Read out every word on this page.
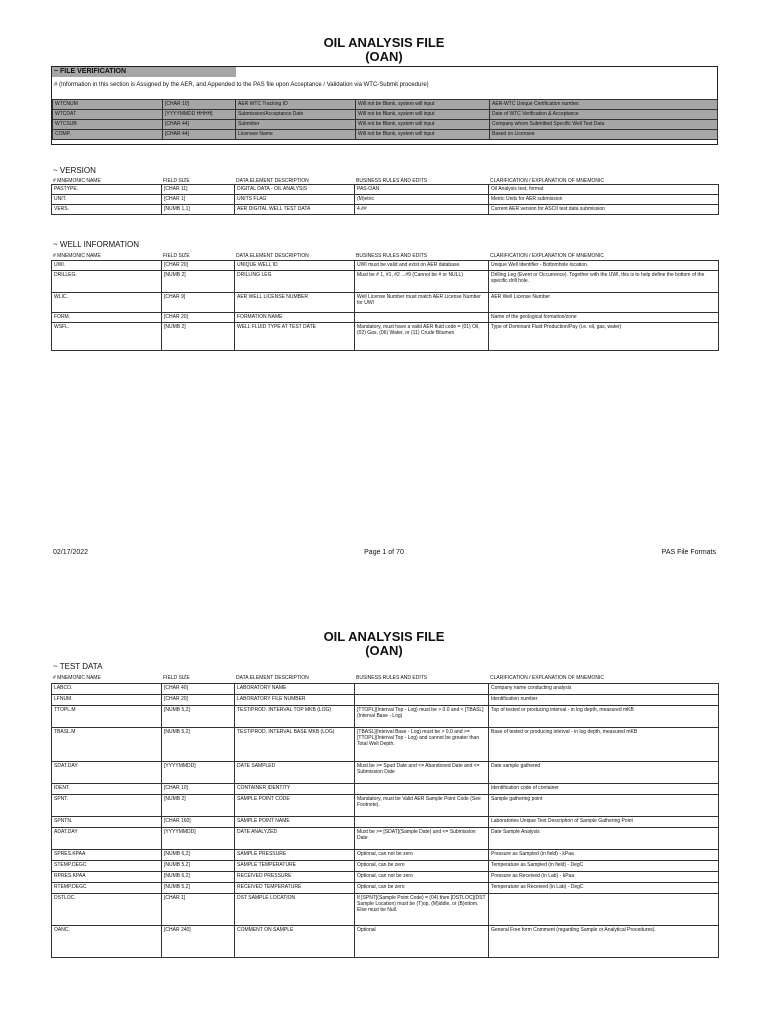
OIL ANALYSIS FILE
(OAN)
~ FILE VERIFICATION
# (Information in this section is Assigned by the AER, and Appended to the PAS file upon Acceptance / Validation via WTC-Submit procedure)
WTCNUM	[CHAR 10]	AER WTC Tracking ID	Will not be Blank, system will input	AER-WTC Unique Certification number.
WTCDAT	[YYYYMMDD HHHH]	Submission/Acceptance Date	Will not be Blank, system will input	Date of WTC Verification & Acceptance
WTCSUB	[CHAR 44]	Submitter	Will not be Blank, system will input	Company whom Submitted Specific Well Test Data
COMP.	[CHAR 44]	Licensee Name	Will not be Blank, system will input	Based on Licensee
~ VERSION
# MNEMONIC NAME	FIELD SIZE	DATA ELEMENT DESCRIPTION	BUSINESS RULES AND EDITS	CLARIFICATION / EXPLANATION OF MNEMONIC
PASTYPE.	[CHAR 11]	DIGITAL DATA - OIL ANALYSIS	PAS-OAN	Oil Analysis test, format
UNIT.	[CHAR 1]	UNITS FLAG	(M)etric	Metric Units for AER submission
VERS.	[NUMB 1,1]	AER DIGITAL WELL TEST DATA	4.##	Current AER version for ASCII test data submission
~ WELL INFORMATION
# MNEMONIC NAME	FIELD SIZE	DATA ELEMENT DESCRIPTION	BUSINESS RULES AND EDITS	CLARIFICATION / EXPLANATION OF MNEMONIC
UWI.	[CHAR 20]	UNIQUE WELL ID	UWI must be valid and exist on AER database.	Unique Well Identifier - Bottomhole location.
DRILLEG.	[NUMB 2]	DRILLING LEG	Must be # 1, #1, #2 ...#9 (Cannot be # or NULL)	Drilling Leg (Event or Occurrence). Together with the UWI, this is to help define the bottom of the specific drill hole.
WLIC.	[CHAR 9]	AER WELL LICENSE NUMBER	Well License Number must match AER License Number for UWI	AER Well License Number
FORM.	[CHAR 20]	FORMATION NAME		Name of the geological formation/zone
WSFL.	[NUMB 2]	WELL FLUID TYPE AT TEST DATE	Mandatory, must have a valid AER fluid code = (01) Oil, (02) Gas, (06) Water, or (11) Crude Bitumen	Type of Dominant Fluid Production/Pay (i.e. oil, gas, water)
02/17/2022	Page 1 of 70	PAS File Formats
OIL ANALYSIS FILE
(OAN)
~ TEST DATA
# MNEMONIC NAME	FIELD SIZE	DATA ELEMENT DESCRIPTION	BUSINESS RULES AND EDITS	CLARIFICATION / EXPLANATION OF MNEMONIC
LABCO.	[CHAR 40]	LABORATORY NAME		Company name conducting analysis
LFNUM.	[CHAR 20]	LABORATORY FILE NUMBER		Identification number
TTOPL.M	[NUMB 5,2]	TEST/PROD. INTERVAL TOP MKB (LOG)	[TTOPL](Interval Top - Log) must be > 0.0 and < [TBASL](Interval Base - Log)	Top of tested or producing interval - in log depth, measured mKB
TBASL.M	[NUMB 5,2]	TEST/PROD. INTERVAL BASE MKB (LOG)	[TBASL](Interval Base - Log) must be > 0.0 and >= [TTOPL](Interval Top - Log) and cannot be greater than Total Well Depth.	Base of tested or producing interval - in log depth, measured mKB
SDAT.DAY	[YYYYMMDD]	DATE SAMPLED	Must be >= Spud Date and <= Abandoned Date and <= Submission Date	Date sample gathered
IDENT.	[CHAR 10]	CONTAINER IDENTITY		Identification code of container
SPNT.	[NUMB 2]	SAMPLE POINT CODE	Mandatory, must be Valid AER Sample Point Code (See Footnote).	Sample gathering point
SPNTN.	[CHAR 160]	SAMPLE POINT NAME		Laboratories Unique Text Description of Sample Gathering Point
ADAT.DAY	[YYYYMMDD]	DATE ANALYZED	Must be >= [SDAT](Sample Date) and <= Submission Date	Date Sample Analysis
SPRES.KPAA	[NUMB 6,2]	SAMPLE PRESSURE	Optional, can not be zero	Pressure as Sampled (in field) - kPaa
STEMP.DEGC	[NUMB 5,2]	SAMPLE TEMPERATURE	Optional, can be zero	Temperature as Sampled (in field) - DegC
RPRES.KPAA	[NUMB 6,2]	RECEIVED PRESSURE	Optional, can not be zero	Pressure as Received (in Lab) - kPaa
RTEMP.DEGC	[NUMB 5,2]	RECEIVED TEMPERATURE	Optional, can be zero	Temperature as Received (in Lab) - DegC
DSTLOC.	[CHAR 1]	DST SAMPLE LOCATION	If [SPNT](Sample Point Code) = (04) then [DSTLOC](DST Sample Location) must be (T)op, (M)iddle, or (B)ottom. Else must be Null.	
OANC.	[CHAR 240]	COMMENT ON SAMPLE	Optional	General Free form Comment (regarding Sample or Analytical Procedures).
